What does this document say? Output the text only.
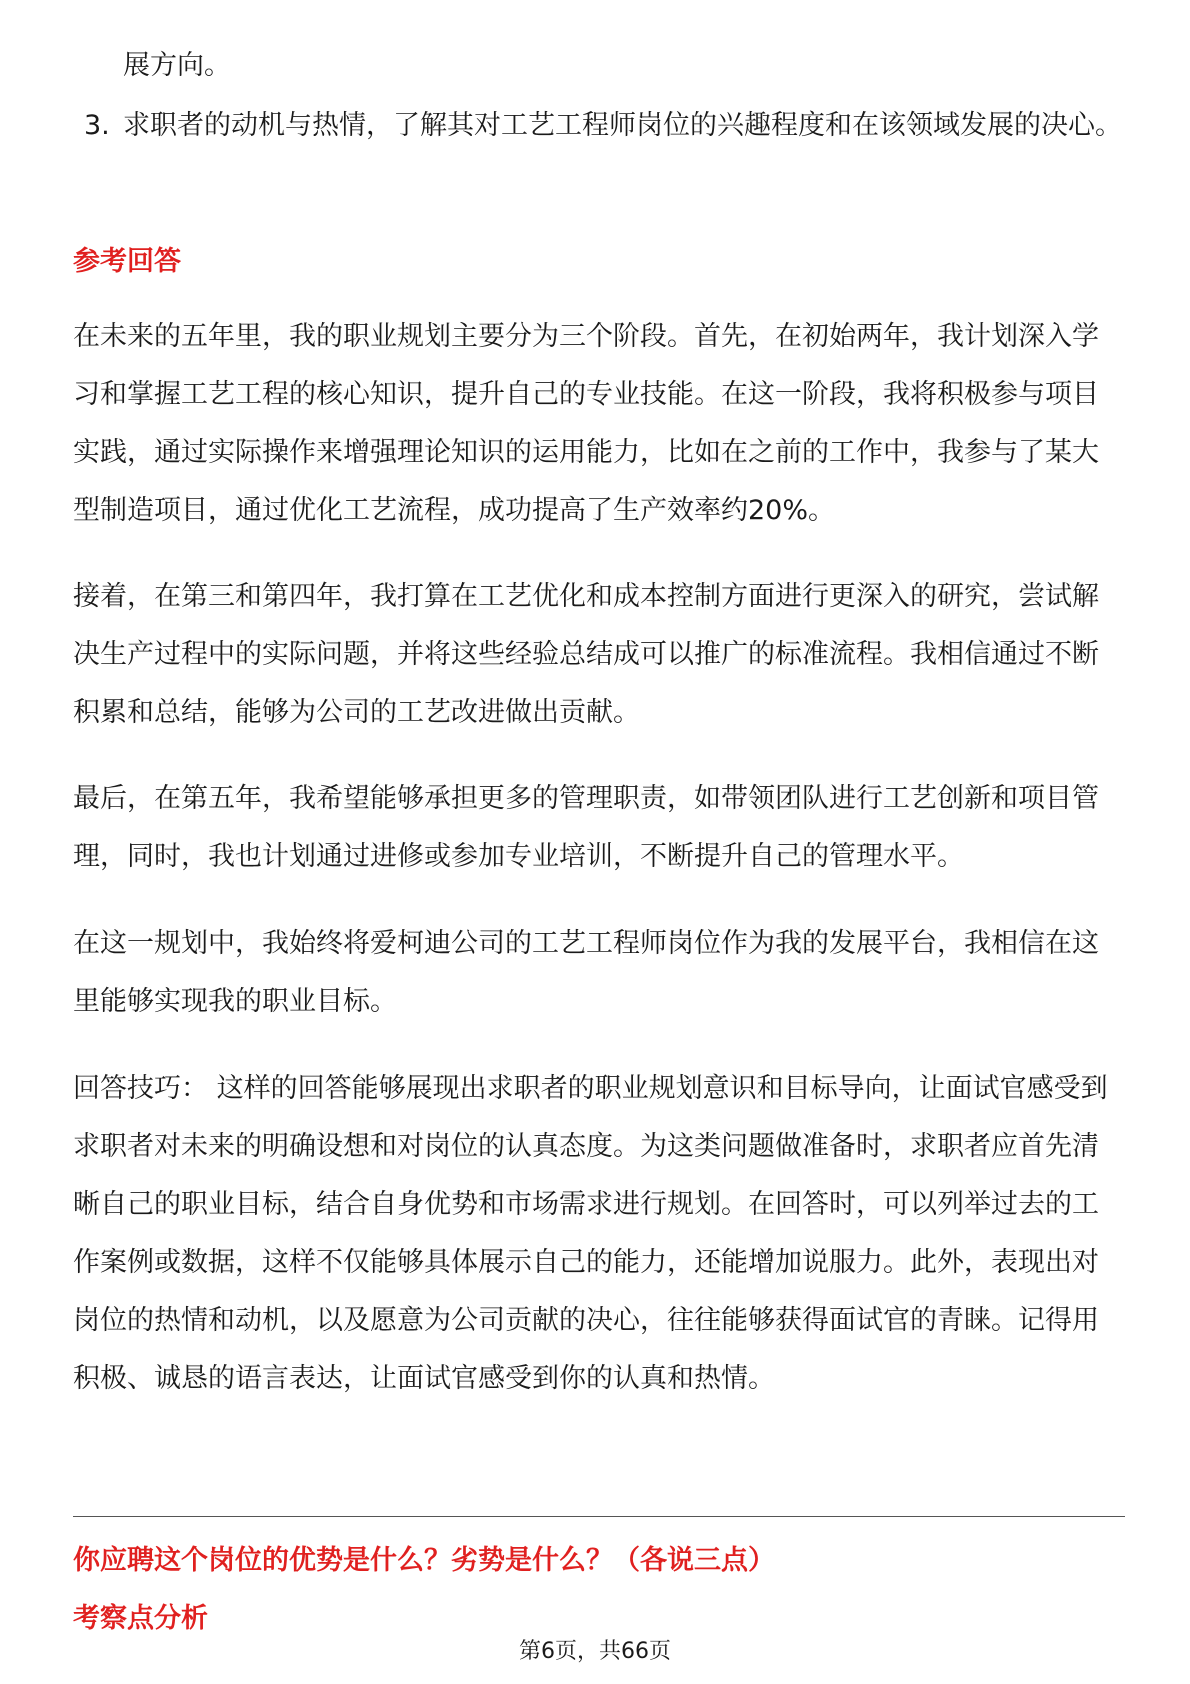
展方向。

3. 求职者的动机与热情，了解其对工艺工程师岗位的兴趣程度和在该领域发展的决心。
参考回答

在未来的五年里，我的职业规划主要分为三个阶段。首先，在初始两年，我计划深入学习和掌握工艺工程的核心知识，提升自己的专业技能。在这一阶段，我将积极参与项目实践，通过实际操作来增强理论知识的运用能力，比如在之前的工作中，我参与了某大型制造项目，通过优化工艺流程，成功提高了生产效率约20%。

接着，在第三和第四年，我打算在工艺优化和成本控制方面进行更深入的研究，尝试解决生产过程中的实际问题，并将这些经验总结成可以推广的标准流程。我相信通过不断积累和总结，能够为公司的工艺改进做出贡献。

最后，在第五年，我希望能够承担更多的管理职责，如带领团队进行工艺创新和项目管理，同时，我也计划通过进修或参加专业培训，不断提升自己的管理水平。

在这一规划中，我始终将爱柯迪公司的工艺工程师岗位作为我的发展平台，我相信在这里能够实现我的职业目标。

回答技巧： 这样的回答能够展现出求职者的职业规划意识和目标导向，让面试官感受到求职者对未来的明确设想和对岗位的认真态度。为这类问题做准备时，求职者应首先清晰自己的职业目标，结合自身优势和市场需求进行规划。在回答时，可以列举过去的工作案例或数据，这样不仅能够具体展示自己的能力，还能增加说服力。此外，表现出对岗位的热情和动机，以及愿意为公司贡献的决心，往往能够获得面试官的青睐。记得用积极、诚恳的语言表达，让面试官感受到你的认真和热情。

你应聘这个岗位的优势是什么？劣势是什么？（各说三点）
考察点分析
第6页，共66页
